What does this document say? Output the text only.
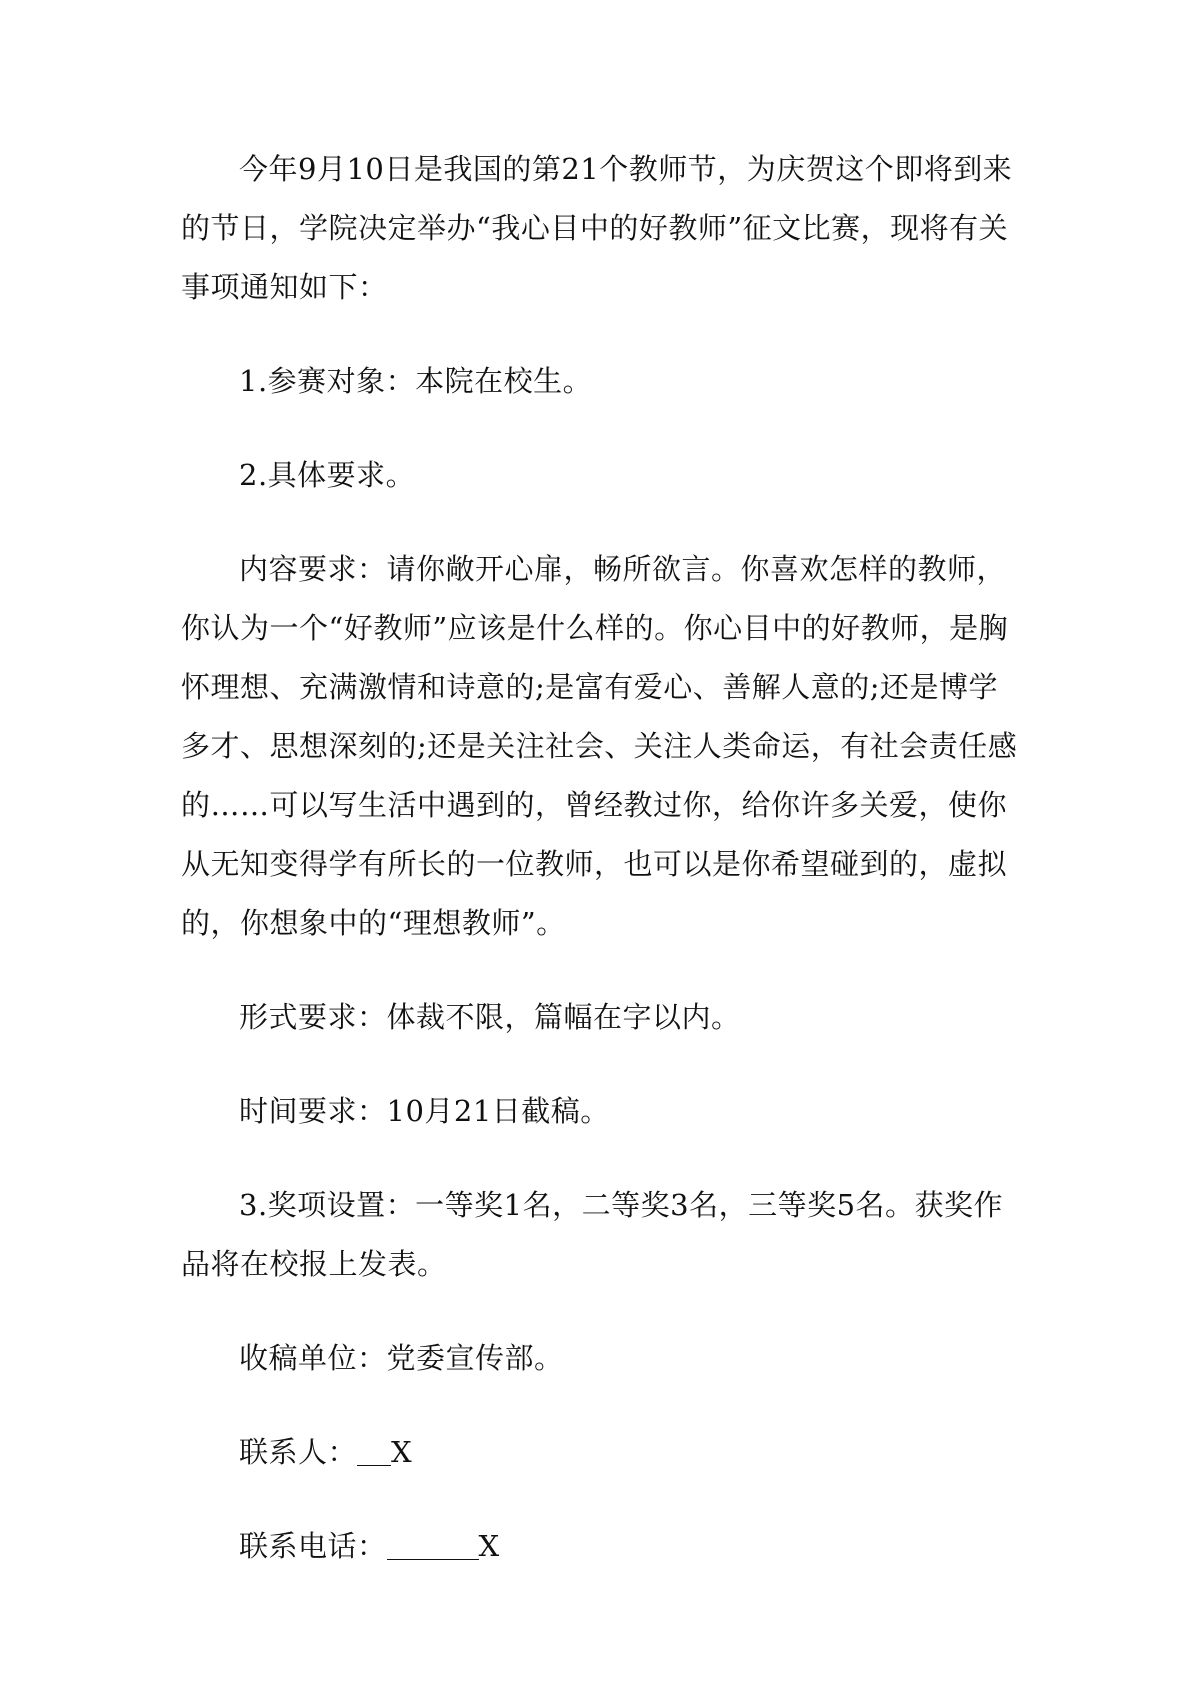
今年9月10日是我国的第21个教师节，为庆贺这个即将到来的节日，学院决定举办“我心目中的好教师”征文比赛，现将有关事项通知如下：

1.参赛对象：本院在校生。

2.具体要求。

内容要求：请你敞开心扉，畅所欲言。你喜欢怎样的教师，你认为一个“好教师”应该是什么样的。你心目中的好教师，是胸怀理想、充满激情和诗意的;是富有爱心、善解人意的;还是博学多才、思想深刻的;还是关注社会、关注人类命运，有社会责任感的……可以写生活中遇到的，曾经教过你，给你许多关爱，使你从无知变得学有所长的一位教师，也可以是你希望碰到的，虚拟的，你想象中的“理想教师”。

形式要求：体裁不限，篇幅在字以内。

时间要求：10月21日截稿。

3.奖项设置：一等奖1名，二等奖3名，三等奖5名。获奖作品将在校报上发表。

收稿单位：党委宣传部。

联系人： X

联系电话：	X
